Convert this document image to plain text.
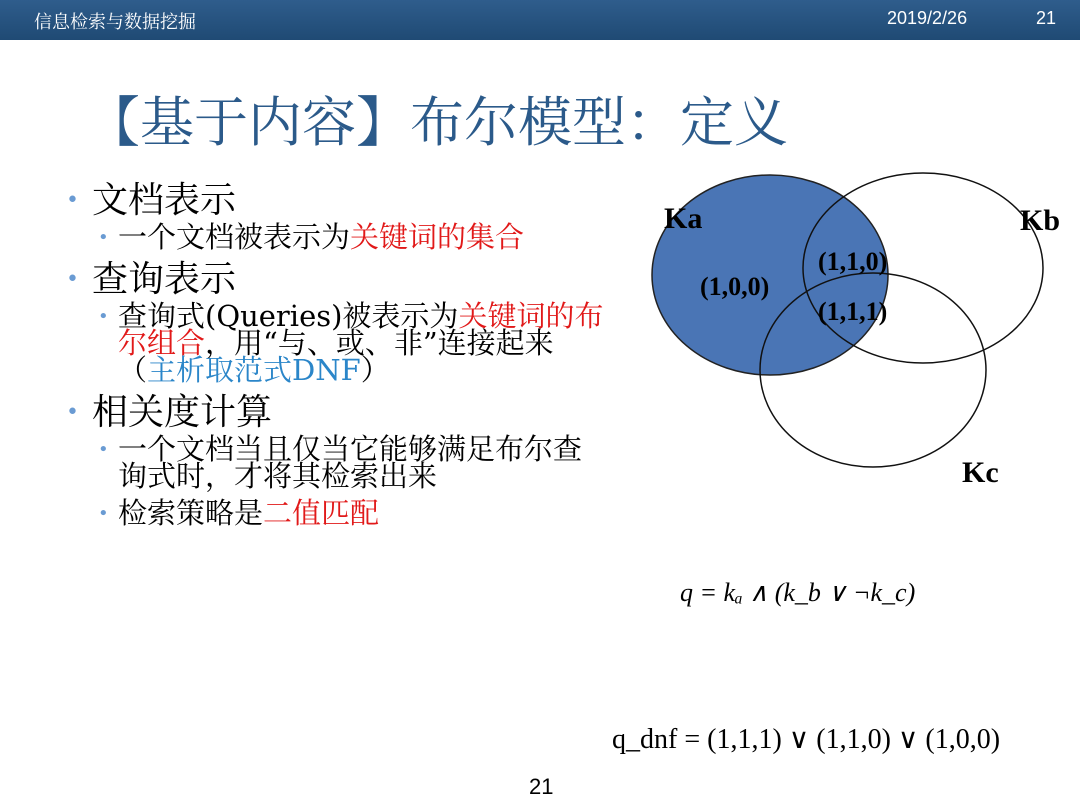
信息检索与数据挖掘	2019/2/26	21
【基于内容】布尔模型：定义
• 文档表示
• 一个文档被表示为关键词的集合
• 查询表示
• 查询式(Queries)被表示为关键词的布尔组合，用“与、或、非”连接起来（主析取范式DNF）
• 相关度计算
• 一个文档当且仅当它能够满足布尔查询式时，才将其检索出来
• 检索策略是二值匹配
Ka	Kb
Kc
(1,0,0)
(1,1,0)
(1,1,1)
q = kₐ ∧ (k_b ∨ ¬k_c)
q_dnf = (1,1,1) ∨ (1,1,0) ∨ (1,0,0)
21
